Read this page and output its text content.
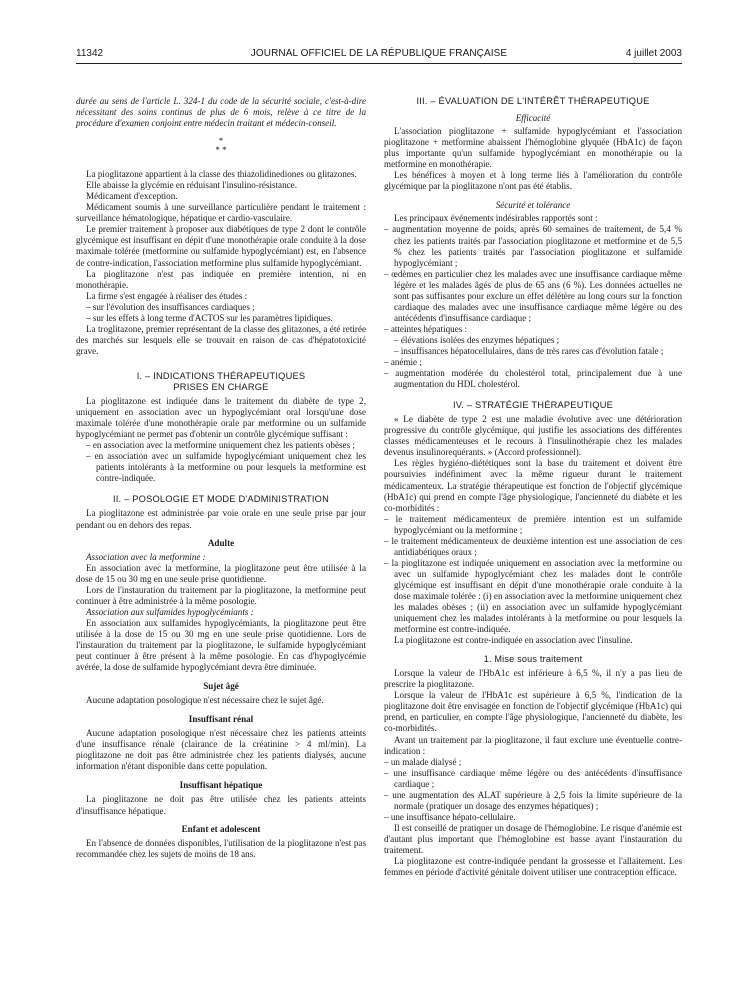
11342	JOURNAL OFFICIEL DE LA RÉPUBLIQUE FRANÇAISE	4 juillet 2003

durée au sens de l'article L. 324-1 du code de la sécurité sociale, c'est-à-dire nécessitant des soins continus de plus de 6 mois, relève à ce titre de la procédure d'examen conjoint entre médecin traitant et médecin-conseil.

*
* *

La pioglitazone appartient à la classe des thiazolidinediones ou glitazones.

Elle abaisse la glycémie en réduisant l'insulino-résistance.

Médicament d'exception.

Médicament soumis à une surveillance particulière pendant le traitement : surveillance hématologique, hépatique et cardio-vasculaire.

Le premier traitement à proposer aux diabétiques de type 2 dont le contrôle glycémique est insuffisant en dépit d'une monothérapie orale conduite à la dose maximale tolérée (metformine ou sulfamide hypoglycémiant) est, en l'absence de contre-indication, l'association metformine plus sulfamide hypoglycémiant.

La pioglitazone n'est pas indiquée en première intention, ni en monothérapie.

La firme s'est engagée à réaliser des études :

– sur l'évolution des insuffisances cardiaques ;

– sur les effets à long terme d'ACTOS sur les paramètres lipidiques.

La troglitazone, premier représentant de la classe des glitazones, a été retirée des marchés sur lesquels elle se trouvait en raison de cas d'hépatotoxicité grave.

I. – INDICATIONS THÉRAPEUTIQUES
PRISES EN CHARGE

La pioglitazone est indiquée dans le traitement du diabète de type 2, uniquement en association avec un hypoglycémiant oral lorsqu'une dose maximale tolérée d'une monothérapie orale par metformine ou un sulfamide hypoglycémiant ne permet pas d'obtenir un contrôle glycémique suffisant :

– en association avec la metformine uniquement chez les patients obèses ;

– en association avec un sulfamide hypoglycémiant uniquement chez les patients intolérants à la metformine ou pour lesquels la metformine est contre-indiquée.

II. – POSOLOGIE ET MODE D'ADMINISTRATION

La pioglitazone est administrée par voie orale en une seule prise par jour pendant ou en dehors des repas.

Adulte

Association avec la metformine :

En association avec la metformine, la pioglitazone peut être utilisée à la dose de 15 ou 30 mg en une seule prise quotidienne.

Lors de l'instauration du traitement par la pioglitazone, la metformine peut continuer à être administrée à la même posologie.

Association aux sulfamides hypoglycémiants :

En association aux sulfamides hypoglycémiants, la pioglitazone peut être utilisée à la dose de 15 ou 30 mg en une seule prise quotidienne. Lors de l'instauration du traitement par la pioglitazone, le sulfamide hypoglycémiant peut continuer à être présent à la même posologie. En cas d'hypoglycémie avérée, la dose de sulfamide hypoglycémiant devra être diminuée.

Sujet âgé

Aucune adaptation posologique n'est nécessaire chez le sujet âgé.

Insuffisant rénal

Aucune adaptation posologique n'est nécessaire chez les patients atteints d'une insuffisance rénale (clairance de la créatinine > 4 ml/min). La pioglitazone ne doit pas être administrée chez les patients dialysés, aucune information n'étant disponible dans cette population.

Insuffisant hépatique

La pioglitazone ne doit pas être utilisée chez les patients atteints d'insuffisance hépatique.

Enfant et adolescent

En l'absence de données disponibles, l'utilisation de la pioglitazone n'est pas recommandée chez les sujets de moins de 18 ans.

III. – ÉVALUATION DE L'INTÉRÊT THÉRAPEUTIQUE
Efficacité

L'association pioglitazone + sulfamide hypoglycémiant et l'association pioglitazone + metformine abaissent l'hémoglobine glyquée (HbA1c) de façon plus importante qu'un sulfamide hypoglycémiant en monothérapie ou la metformine en monothérapie.

Les bénéfices à moyen et à long terme liés à l'amélioration du contrôle glycémique par la pioglitazone n'ont pas été établis.

Sécurité et tolérance

Les principaux événements indésirables rapportés sont :

– augmentation moyenne de poids, après 60 semaines de traitement, de 5,4 % chez les patients traités par l'association pioglitazone et metformine et de 5,5 % chez les patients traités par l'association pioglitazone et sulfamide hypoglycémiant ;

– œdèmes en particulier chez les malades avec une insuffisance cardiaque même légère et les malades âgés de plus de 65 ans (6 %). Les données actuelles ne sont pas suffisantes pour exclure un effet délétère au long cours sur la fonction cardiaque des malades avec une insuffisance cardiaque même légère ou des antécédents d'insuffisance cardiaque ;

– atteintes hépatiques :

– élévations isolées des enzymes hépatiques ;

– insuffisances hépatocellulaires, dans de très rares cas d'évolution fatale ;

– anémie ;

– augmentation modérée du cholestérol total, principalement due à une augmentation du HDL cholestérol.

IV. – STRATÉGIE THÉRAPEUTIQUE

« Le diabète de type 2 est une maladie évolutive avec une détérioration progressive du contrôle glycémique, qui justifie les associations des différentes classes médicamenteuses et le recours à l'insulinothérapie chez les malades devenus insulinorequérants. » (Accord professionnel).

Les règles hygiéno-diététiques sont la base du traitement et doivent être poursuivies indéfiniment avec la même rigueur durant le traitement médicamenteux. La stratégie thérapeutique est fonction de l'objectif glycémique (HbA1c) qui prend en compte l'âge physiologique, l'ancienneté du diabète et les co-morbidités :

– le traitement médicamenteux de première intention est un sulfamide hypoglycémiant ou la metformine ;

– le traitement médicamenteux de deuxième intention est une association de ces antidiabétiques oraux ;

– la pioglitazone est indiquée uniquement en association avec la metformine ou avec un sulfamide hypoglycémiant chez les malades dont le contrôle glycémique est insuffisant en dépit d'une monothérapie orale conduite à la dose maximale tolérée : (i) en association avec la metformine uniquement chez les malades obèses ; (ii) en association avec un sulfamide hypoglycémiant uniquement chez les malades intolérants à la metformine ou pour lesquels la metformine est contre-indiquée.

La pioglitazone est contre-indiquée en association avec l'insuline.

1. Mise sous traitement

Lorsque la valeur de l'HbA1c est inférieure à 6,5 %, il n'y a pas lieu de prescrire la pioglitazone.

Lorsque la valeur de l'HbA1c est supérieure à 6,5 %, l'indication de la pioglitazone doit être envisagée en fonction de l'objectif glycémique (HbA1c) qui prend, en particulier, en compte l'âge physiologique, l'ancienneté du diabète, les co-morbidités.

Avant un traitement par la pioglitazone, il faut exclure une éventuelle contre-indication :

– un malade dialysé ;

– une insuffisance cardiaque même légère ou des antécédents d'insuffisance cardiaque ;

– une augmentation des ALAT supérieure à 2,5 fois la limite supérieure de la normale (pratiquer un dosage des enzymes hépatiques) ;

– une insuffisance hépato-cellulaire.

Il est conseillé de pratiquer un dosage de l'hémoglobine. Le risque d'anémie est d'autant plus important que l'hémoglobine est basse avant l'instauration du traitement.

La pioglitazone est contre-indiquée pendant la grossesse et l'allaitement. Les femmes en période d'activité génitale doivent utiliser une contraception efficace.
